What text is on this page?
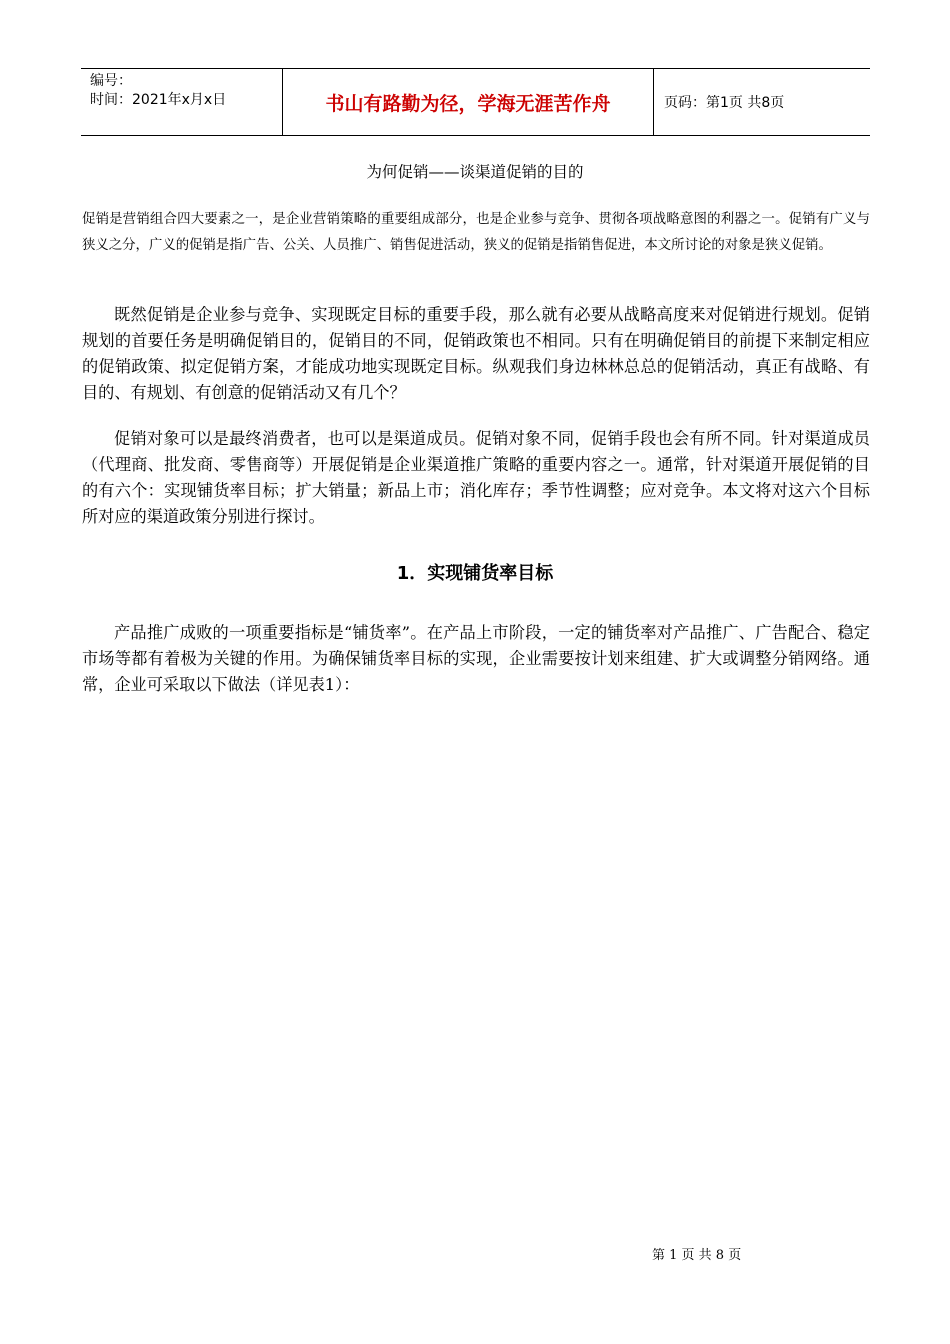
编号：
时间：2021年x月x日	书山有路勤为径，学海无涯苦作舟	页码：第1页 共8页
为何促销——谈渠道促销的目的
促销是营销组合四大要素之一，是企业营销策略的重要组成部分，也是企业参与竞争、贯彻各项战略意图的利器之一。促销有广义与狭义之分，广义的促销是指广告、公关、人员推广、销售促进活动，狭义的促销是指销售促进，本文所讨论的对象是狭义促销。
既然促销是企业参与竞争、实现既定目标的重要手段，那么就有必要从战略高度来对促销进行规划。促销规划的首要任务是明确促销目的，促销目的不同，促销政策也不相同。只有在明确促销目的前提下来制定相应的促销政策、拟定促销方案，才能成功地实现既定目标。纵观我们身边林林总总的促销活动，真正有战略、有目的、有规划、有创意的促销活动又有几个？
促销对象可以是最终消费者，也可以是渠道成员。促销对象不同，促销手段也会有所不同。针对渠道成员（代理商、批发商、零售商等）开展促销是企业渠道推广策略的重要内容之一。通常，针对渠道开展促销的目的有六个：实现铺货率目标；扩大销量；新品上市；消化库存；季节性调整；应对竞争。本文将对这六个目标所对应的渠道政策分别进行探讨。
1．实现铺货率目标
产品推广成败的一项重要指标是“铺货率”。在产品上市阶段，一定的铺货率对产品推广、广告配合、稳定市场等都有着极为关键的作用。为确保铺货率目标的实现，企业需要按计划来组建、扩大或调整分销网络。通常，企业可采取以下做法（详见表1）：
第 1 页 共 8 页
